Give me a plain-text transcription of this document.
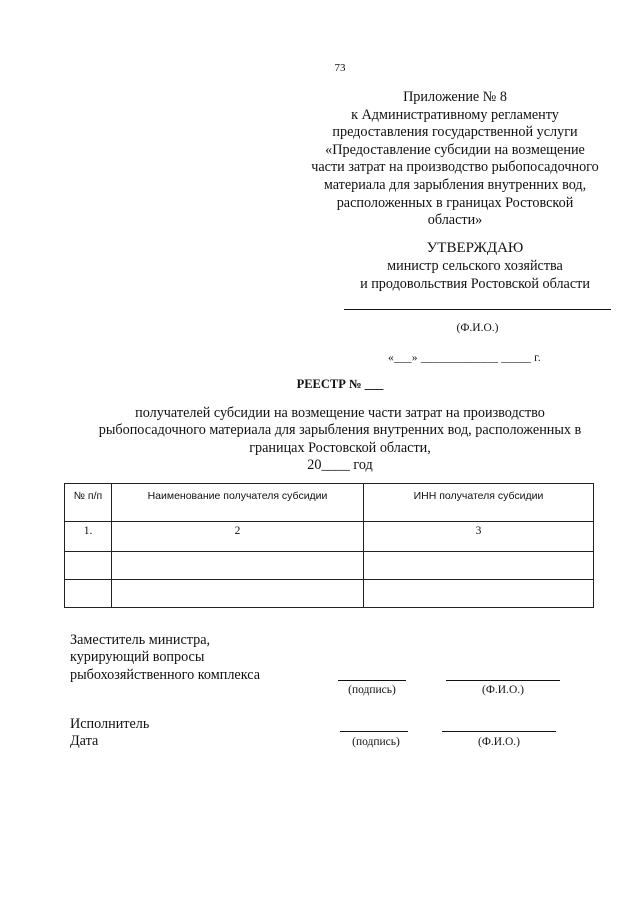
73
Приложение № 8
к Административному регламенту
предоставления государственной услуги
«Предоставление субсидии на возмещение
части затрат на производство рыбопосадочного
материала для зарыбления внутренних вод,
расположенных в границах Ростовской
области»
УТВЕРЖДАЮ
министр сельского хозяйства
и продовольствия Ростовской области
(Ф.И.О.)
«___» _____________ _____ г.
РЕЕСТР № ___
получателей субсидии на возмещение части затрат на производство
рыбопосадочного материала для зарыбления внутренних вод, расположенных в
границах Ростовской области,
20____ год
№ п/п	Наименование получателя субсидии	ИНН получателя субсидии
1.	2	3

Заместитель министра,
курирующий вопросы
рыбохозяйственного комплекса
(подпись)	(Ф.И.О.)
Исполнитель
Дата	(подпись)	(Ф.И.О.)
